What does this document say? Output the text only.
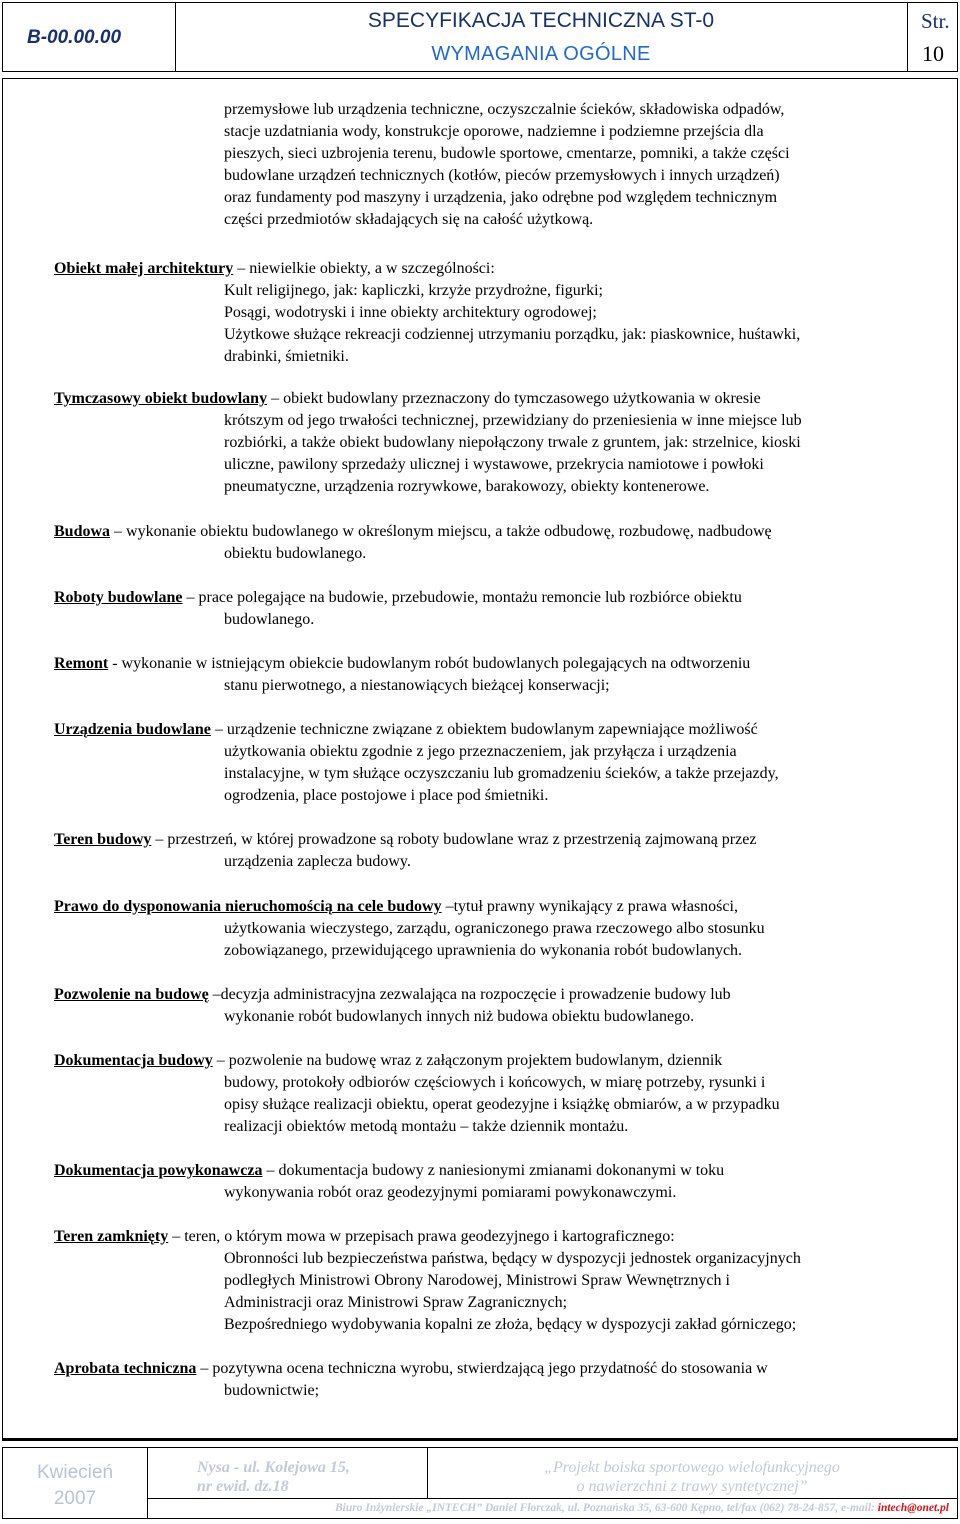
B-00.00.00
SPECYFIKACJA TECHNICZNA ST-0
WYMAGANIA OGÓLNE
Str.
10
przemysłowe lub urządzenia techniczne, oczyszczalnie ścieków, składowiska odpadów,
stacje uzdatniania wody, konstrukcje oporowe, nadziemne i podziemne przejścia dla
pieszych, sieci uzbrojenia terenu, budowle sportowe, cmentarze, pomniki, a także części
budowlane urządzeń technicznych (kotłów, pieców przemysłowych i innych urządzeń)
oraz fundamenty pod maszyny i urządzenia, jako odrębne pod względem technicznym
części przedmiotów składających się na całość użytkową.
Obiekt małej architektury – niewielkie obiekty, a w szczególności:
Kult religijnego, jak: kapliczki, krzyże przydrożne, figurki;
Posągi, wodotryski i inne obiekty architektury ogrodowej;
Użytkowe służące rekreacji codziennej utrzymaniu porządku, jak: piaskownice, huśtawki,
drabinki, śmietniki.
Tymczasowy obiekt budowlany – obiekt budowlany przeznaczony do tymczasowego użytkowania w okresie
krótszym od jego trwałości technicznej, przewidziany do przeniesienia w inne miejsce lub
rozbiórki, a także obiekt budowlany niepołączony trwale z gruntem, jak: strzelnice, kioski
uliczne, pawilony sprzedaży ulicznej i wystawowe, przekrycia namiotowe i powłoki
pneumatyczne, urządzenia rozrywkowe, barakowozy, obiekty kontenerowe.
Budowa – wykonanie obiektu budowlanego w określonym miejscu, a także odbudowę, rozbudowę, nadbudowę
obiektu budowlanego.
Roboty budowlane – prace polegające na budowie, przebudowie, montażu remoncie lub rozbiórce obiektu
budowlanego.
Remont - wykonanie w istniejącym obiekcie budowlanym robót budowlanych polegających na odtworzeniu
stanu pierwotnego, a niestanowiących bieżącej konserwacji;
Urządzenia budowlane – urządzenie techniczne związane z obiektem budowlanym zapewniające możliwość
użytkowania obiektu zgodnie z jego przeznaczeniem, jak przyłącza i urządzenia
instalacyjne, w tym służące oczyszczaniu lub gromadzeniu ścieków, a także przejazdy,
ogrodzenia, place postojowe i place pod śmietniki.
Teren budowy – przestrzeń, w której prowadzone są roboty budowlane wraz z przestrzenią zajmowaną przez
urządzenia zaplecza budowy.
Prawo do dysponowania nieruchomością na cele budowy –tytuł prawny wynikający z prawa własności,
użytkowania wieczystego, zarządu, ograniczonego prawa rzeczowego albo stosunku
zobowiązanego, przewidującego uprawnienia do wykonania robót budowlanych.
Pozwolenie na budowę –decyzja administracyjna zezwalająca na rozpoczęcie i prowadzenie budowy lub
wykonanie robót budowlanych innych niż budowa obiektu budowlanego.
Dokumentacja budowy – pozwolenie na budowę wraz z załączonym projektem budowlanym, dziennik
budowy, protokoły odbiorów częściowych i końcowych, w miarę potrzeby, rysunki i
opisy służące realizacji obiektu, operat geodezyjne i książkę obmiarów, a w przypadku
realizacji obiektów metodą montażu – także dziennik montażu.
Dokumentacja powykonawcza – dokumentacja budowy z naniesionymi zmianami dokonanymi w toku
wykonywania robót oraz geodezyjnymi pomiarami powykonawczymi.
Teren zamknięty – teren, o którym mowa w przepisach prawa geodezyjnego i kartograficznego:
Obronności lub bezpieczeństwa państwa, będący w dyspozycji jednostek organizacyjnych
podległych Ministrowi Obrony Narodowej, Ministrowi Spraw Wewnętrznych i
Administracji oraz Ministrowi Spraw Zagranicznych;
Bezpośredniego wydobywania kopalni ze złoża, będący w dyspozycji zakład górniczego;
Aprobata techniczna – pozytywna ocena techniczna wyrobu, stwierdzającą jego przydatność do stosowania w
budownictwie;
Kwiecień
2007
Nysa - ul. Kolejowa 15,
nr ewid. dz.18
„Projekt boiska sportowego wielofunkcyjnego
o nawierzchni z trawy syntetycznej”
Biuro Inżynierskie „INTECH” Daniel Florczak, ul. Poznańska 35, 63-600 Kępno, tel/fax (062) 78-24-857, e-mail: intech@onet.pl
